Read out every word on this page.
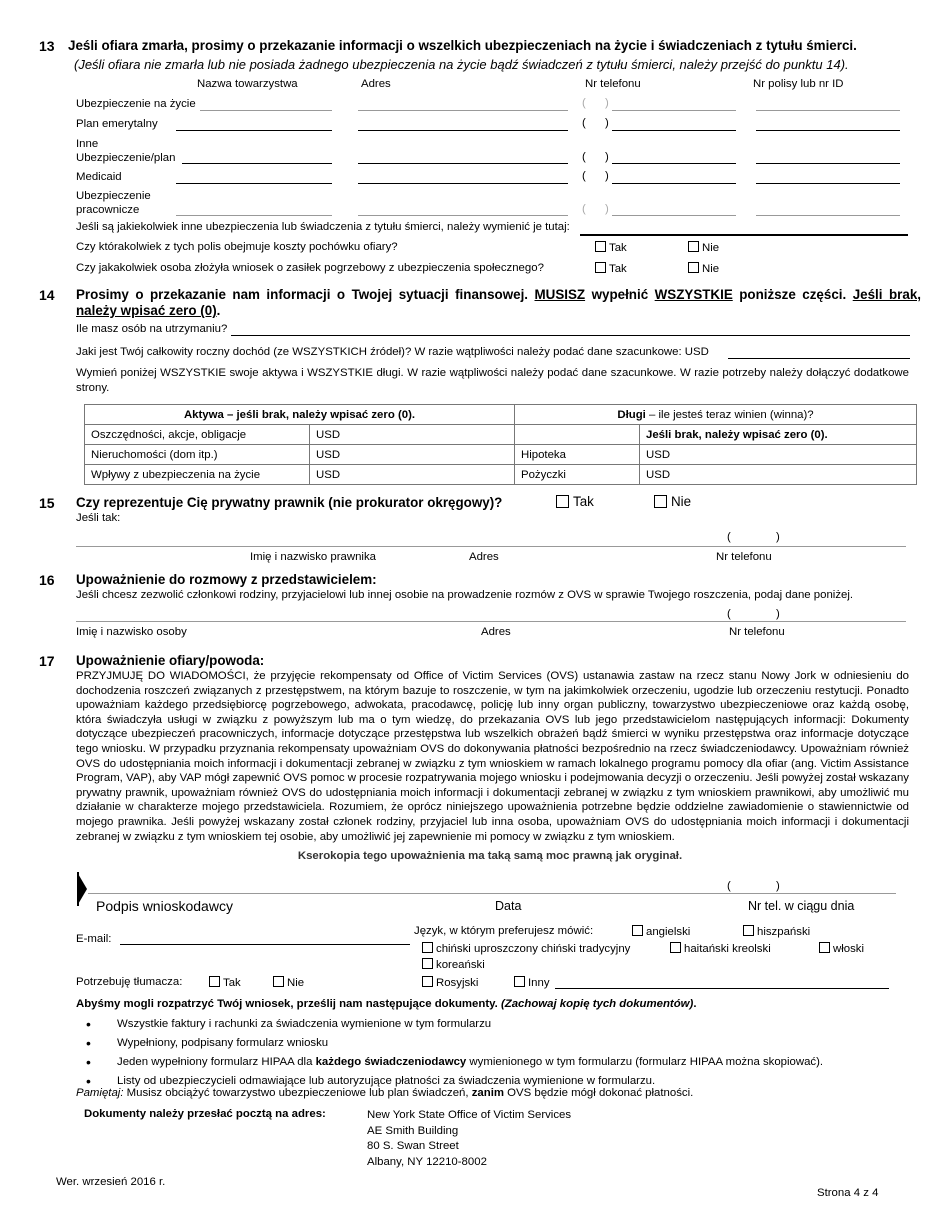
13 Jeśli ofiara zmarła, prosimy o przekazanie informacji o wszelkich ubezpieczeniach na życie i świadczeniach z tytułu śmierci.
(Jeśli ofiara nie zmarła lub nie posiada żadnego ubezpieczenia na życie bądź świadczeń z tytułu śmierci, należy przejść do punktu 14).
Nazwa towarzystwa	Adres	Nr telefonu	Nr polisy lub nr ID
Ubezpieczenie na życie	( )
Plan emerytalny	( )
Inne
Ubezpieczenie/plan	( )
Medicaid	( )
Ubezpieczenie
pracownicze	( )
Jeśli są jakiekolwiek inne ubezpieczenia lub świadczenia z tytułu śmierci, należy wymienić je tutaj:
Czy którakolwiek z tych polis obejmuje koszty pochówku ofiary?	Tak	Nie
Czy jakakolwiek osoba złożyła wniosek o zasiłek pogrzebowy z ubezpieczenia społecznego?	Tak	Nie
14 Prosimy o przekazanie nam informacji o Twojej sytuacji finansowej. MUSISZ wypełnić WSZYSTKIE poniższe części. Jeśli brak, należy wpisać zero (0).
Ile masz osób na utrzymaniu?
Jaki jest Twój całkowity roczny dochód (ze WSZYSTKICH źródeł)? W razie wątpliwości należy podać dane szacunkowe: USD
Wymień poniżej WSZYSTKIE swoje aktywa i WSZYSTKIE długi. W razie wątpliwości należy podać dane szacunkowe. W razie potrzeby należy dołączyć dodatkowe strony.
Aktywa – jeśli brak, należy wpisać zero (0).		Długi – ile jesteś teraz winien (winna)?	
Oszczędności, akcje, obligacje	USD		Jeśli brak, należy wpisać zero (0).
Nieruchomości (dom itp.)	USD	Hipoteka	USD
Wpływy z ubezpieczenia na życie	USD	Pożyczki	USD
15 Czy reprezentuje Cię prywatny prawnik (nie prokurator okręgowy)?	Tak	Nie
Jeśli tak:
(	)
Imię i nazwisko prawnika	Adres	Nr telefonu
16 Upoważnienie do rozmowy z przedstawicielem:
Jeśli chcesz zezwolić członkowi rodziny, przyjacielowi lub innej osobie na prowadzenie rozmów z OVS w sprawie Twojego roszczenia, podaj dane poniżej.
(	)
Imię i nazwisko osoby	Adres	Nr telefonu
17 Upoważnienie ofiary/powoda:
PRZYJMUJĘ DO WIADOMOŚCI, że przyjęcie rekompensaty od Office of Victim Services (OVS) ustanawia zastaw na rzecz stanu Nowy Jork w odniesieniu do dochodzenia roszczeń związanych z przestępstwem, na którym bazuje to roszczenie, w tym na jakimkolwiek orzeczeniu, ugodzie lub orzeczeniu restytucji. Ponadto upoważniam każdego przedsiębiorcę pogrzebowego, adwokata, pracodawcę, policję lub inny organ publiczny, towarzystwo ubezpieczeniowe oraz każdą osobę, która świadczyła usługi w związku z powyższym lub ma o tym wiedzę, do przekazania OVS lub jego przedstawicielom następujących informacji: Dokumenty dotyczące ubezpieczeń pracowniczych, informacje dotyczące przestępstwa lub wszelkich obrażeń bądź śmierci w wyniku przestępstwa oraz informacje dotyczące tego wniosku. W przypadku przyznania rekompensaty upoważniam OVS do dokonywania płatności bezpośrednio na rzecz świadczeniodawcy. Upoważniam również OVS do udostępniania moich informacji i dokumentacji zebranej w związku z tym wnioskiem w ramach lokalnego programu pomocy dla ofiar (ang. Victim Assistance Program, VAP), aby VAP mógł zapewnić OVS pomoc w procesie rozpatrywania mojego wniosku i podejmowania decyzji o orzeczeniu. Jeśli powyżej został wskazany prywatny prawnik, upoważniam również OVS do udostępniania moich informacji i dokumentacji zebranej w związku z tym wnioskiem prawnikowi, aby umożliwić mu działanie w charakterze mojego przedstawiciela. Rozumiem, że oprócz niniejszego upoważnienia potrzebne będzie oddzielne zawiadomienie o stawiennictwie od mojego prawnika. Jeśli powyżej wskazany został członek rodziny, przyjaciel lub inna osoba, upoważniam OVS do udostępniania moich informacji i dokumentacji zebranej w związku z tym wnioskiem tej osobie, aby umożliwić jej zapewnienie mi pomocy w związku z tym wnioskiem.
Kserokopia tego upoważnienia ma taką samą moc prawną jak oryginał.
(	)
Podpis wnioskodawcy	Data	Nr tel. w ciągu dnia
E-mail:
Język, w którym preferujesz mówić:	angielski	hiszpański
chiński uproszczony chiński tradycyjny	haitański kreolski	włoski
koreański
Potrzebuję tłumacza:	Tak	Nie	Rosyjski	Inny
Abyśmy mogli rozpatrzyć Twój wniosek, prześlij nam następujące dokumenty. (Zachowaj kopię tych dokumentów).
• Wszystkie faktury i rachunki za świadczenia wymienione w tym formularzu
• Wypełniony, podpisany formularz wniosku
• Jeden wypełniony formularz HIPAA dla każdego świadczeniodawcy wymienionego w tym formularzu (formularz HIPAA można skopiować).
• Listy od ubezpieczycieli odmawiające lub autoryzujące płatności za świadczenia wymienione w formularzu.
Pamiętaj: Musisz obciążyć towarzystwo ubezpieczeniowe lub plan świadczeń, zanim OVS będzie mógł dokonać płatności.
Dokumenty należy przesłać pocztą na adres:	New York State Office of Victim Services
AE Smith Building
80 S. Swan Street
Albany, NY 12210-8002
Wer. wrzesień 2016 r.
Strona 4 z 4
